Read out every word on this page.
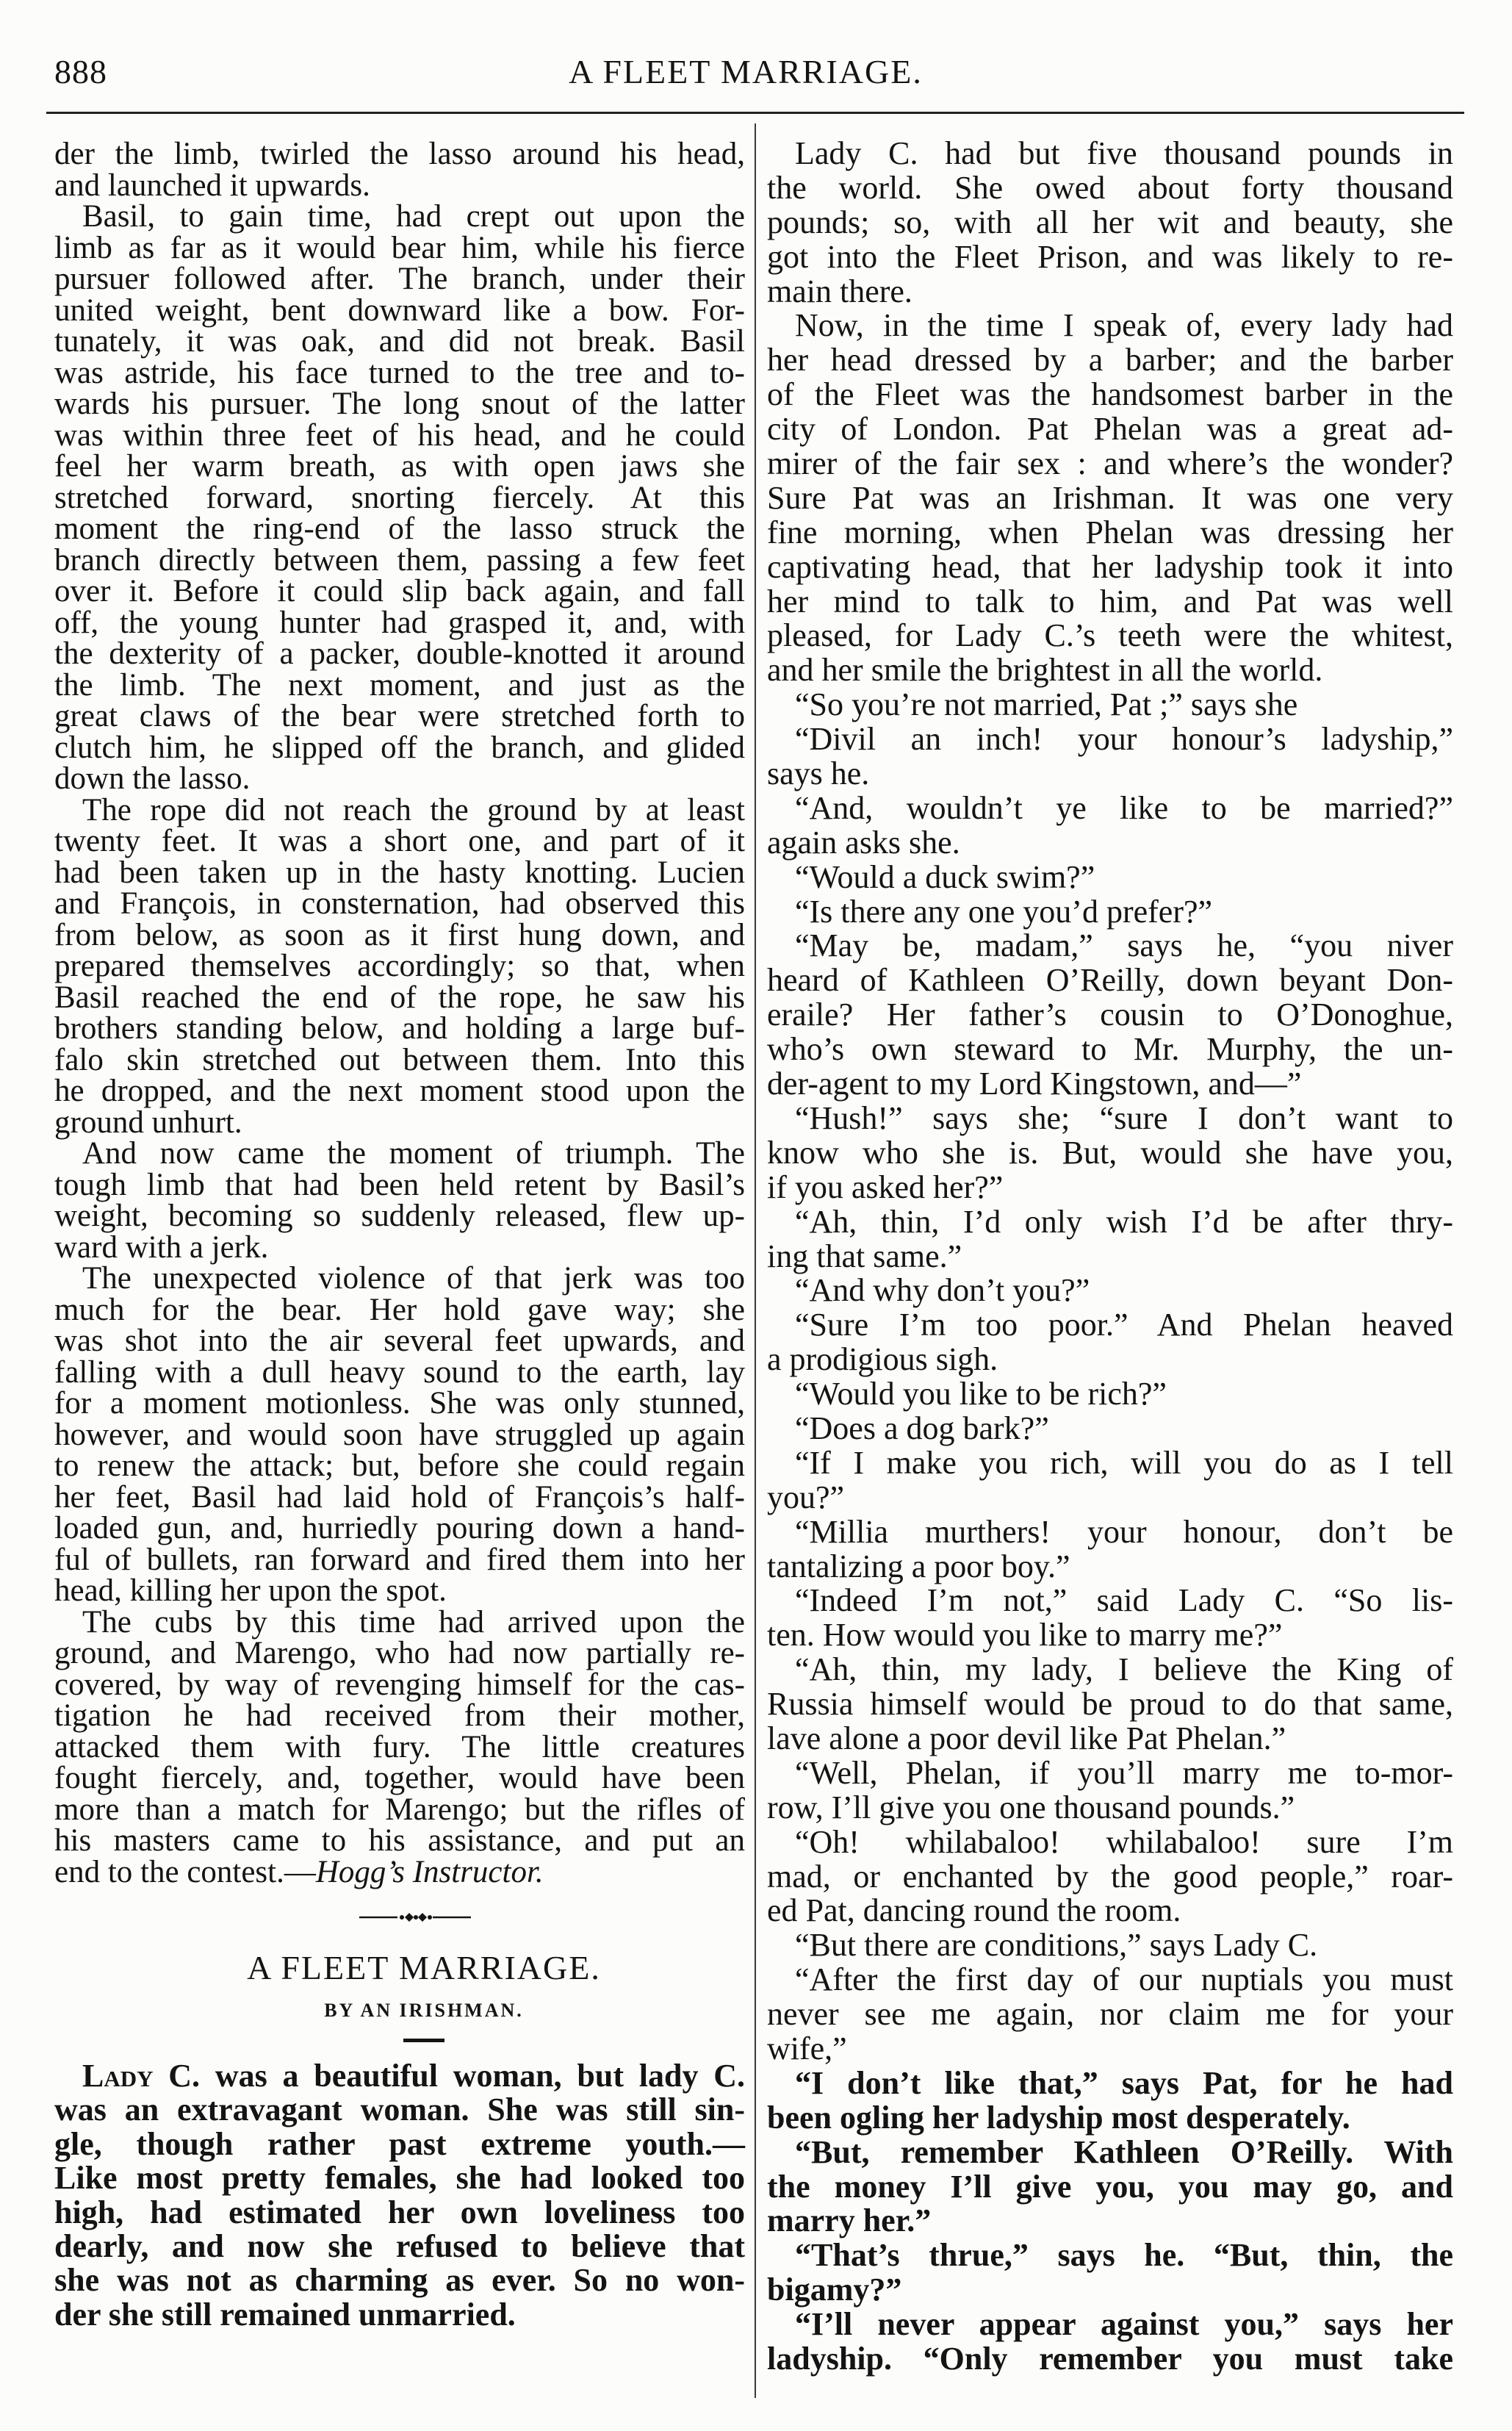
888	A FLEET MARRIAGE.
der the limb, twirled the lasso around his head,
and launched it upwards.
Basil, to gain time, had crept out upon the
limb as far as it would bear him, while his fierce
pursuer followed after. The branch, under their
united weight, bent downward like a bow. For-
tunately, it was oak, and did not break. Basil
was astride, his face turned to the tree and to-
wards his pursuer. The long snout of the latter
was within three feet of his head, and he could
feel her warm breath, as with open jaws she
stretched forward, snorting fiercely. At this
moment the ring-end of the lasso struck the
branch directly between them, passing a few feet
over it. Before it could slip back again, and fall
off, the young hunter had grasped it, and, with
the dexterity of a packer, double-knotted it around
the limb. The next moment, and just as the
great claws of the bear were stretched forth to
clutch him, he slipped off the branch, and glided
down the lasso.
The rope did not reach the ground by at least
twenty feet. It was a short one, and part of it
had been taken up in the hasty knotting. Lucien
and François, in consternation, had observed this
from below, as soon as it first hung down, and
prepared themselves accordingly; so that, when
Basil reached the end of the rope, he saw his
brothers standing below, and holding a large buf-
falo skin stretched out between them. Into this
he dropped, and the next moment stood upon the
ground unhurt.
And now came the moment of triumph. The
tough limb that had been held retent by Basil’s
weight, becoming so suddenly released, flew up-
ward with a jerk.
The unexpected violence of that jerk was too
much for the bear. Her hold gave way; she
was shot into the air several feet upwards, and
falling with a dull heavy sound to the earth, lay
for a moment motionless. She was only stunned,
however, and would soon have struggled up again
to renew the attack; but, before she could regain
her feet, Basil had laid hold of François’s half-
loaded gun, and, hurriedly pouring down a hand-
ful of bullets, ran forward and fired them into her
head, killing her upon the spot.
The cubs by this time had arrived upon the
ground, and Marengo, who had now partially re-
covered, by way of revenging himself for the cas-
tigation he had received from their mother,
attacked them with fury. The little creatures
fought fiercely, and, together, would have been
more than a match for Marengo; but the rifles of
his masters came to his assistance, and put an
end to the contest.—Hogg’s Instructor.
A FLEET MARRIAGE.
BY AN IRISHMAN.
Lady C. was a beautiful woman, but lady C.
was an extravagant woman. She was still sin-
gle, though rather past extreme youth.—
Like most pretty females, she had looked too
high, had estimated her own loveliness too
dearly, and now she refused to believe that
she was not as charming as ever. So no won-
der she still remained unmarried.
Lady C. had but five thousand pounds in
the world. She owed about forty thousand
pounds; so, with all her wit and beauty, she
got into the Fleet Prison, and was likely to re-
main there.
Now, in the time I speak of, every lady had
her head dressed by a barber; and the barber
of the Fleet was the handsomest barber in the
city of London. Pat Phelan was a great ad-
mirer of the fair sex : and where’s the wonder?
Sure Pat was an Irishman. It was one very
fine morning, when Phelan was dressing her
captivating head, that her ladyship took it into
her mind to talk to him, and Pat was well
pleased, for Lady C.’s teeth were the whitest,
and her smile the brightest in all the world.
“So you’re not married, Pat ;” says she
“Divil an inch! your honour’s ladyship,”
says he.
“And, wouldn’t ye like to be married?”
again asks she.
“Would a duck swim?”
“Is there any one you’d prefer?”
“May be, madam,” says he, “you niver
heard of Kathleen O’Reilly, down beyant Don-
eraile? Her father’s cousin to O’Donoghue,
who’s own steward to Mr. Murphy, the un-
der-agent to my Lord Kingstown, and—”
“Hush!” says she; “sure I don’t want to
know who she is. But, would she have you,
if you asked her?”
“Ah, thin, I’d only wish I’d be after thry-
ing that same.”
“And why don’t you?”
“Sure I’m too poor.” And Phelan heaved
a prodigious sigh.
“Would you like to be rich?”
“Does a dog bark?”
“If I make you rich, will you do as I tell
you?”
“Millia murthers! your honour, don’t be
tantalizing a poor boy.”
“Indeed I’m not,” said Lady C. “So lis-
ten. How would you like to marry me?”
“Ah, thin, my lady, I believe the King of
Russia himself would be proud to do that same,
lave alone a poor devil like Pat Phelan.”
“Well, Phelan, if you’ll marry me to-mor-
row, I’ll give you one thousand pounds.”
“Oh! whilabaloo! whilabaloo! sure I’m
mad, or enchanted by the good people,” roar-
ed Pat, dancing round the room.
“But there are conditions,” says Lady C.
“After the first day of our nuptials you must
never see me again, nor claim me for your
wife,”
“I don’t like that,” says Pat, for he had
been ogling her ladyship most desperately.
“But, remember Kathleen O’Reilly. With
the money I’ll give you, you may go, and
marry her.”
“That’s thrue,” says he. “But, thin, the
bigamy?”
“I’ll never appear against you,” says her
ladyship. “Only remember you must take
